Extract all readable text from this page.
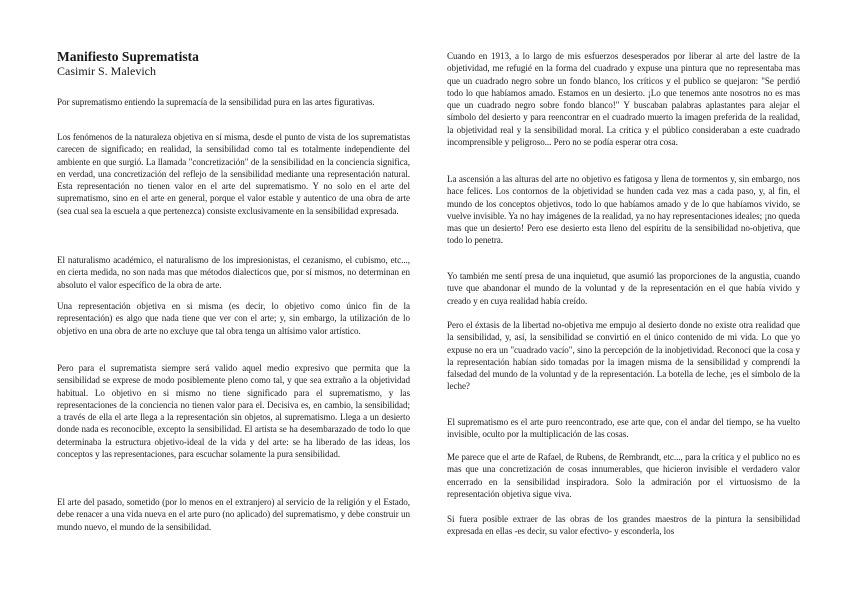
Manifiesto Suprematista
Casimir S. Malevich

Por suprematismo entiendo la supremacía de la sensibilidad pura en las artes figurativas.

Los fenómenos de la naturaleza objetiva en sí misma, desde el punto de vista de los suprematistas carecen de significado; en realidad, la sensibilidad como tal es totalmente independiente del ambiente en que surgió. La llamada "concretización" de la sensibilidad en la conciencia significa, en verdad, una concretización del reflejo de la sensibilidad mediante una representación natural. Esta representación no tienen valor en el arte del suprematismo. Y no solo en el arte del suprematismo, sino en el arte en general, porque el valor estable y autentico de una obra de arte (sea cual sea la escuela a que pertenezca) consiste exclusivamente en la sensibilidad expresada.

El naturalismo académico, el naturalismo de los impresionistas, el cezanismo, el cubismo, etc..., en cierta medida, no son nada mas que métodos dialecticos que, por sí mismos, no determinan en absoluto el valor específico de la obra de arte.

Una representación objetiva en si misma (es decir, lo objetivo como único fin de la representación) es algo que nada tiene que ver con el arte; y, sin embargo, la utilización de lo objetivo en una obra de arte no excluye que tal obra tenga un altísimo valor artístico.

Pero para el suprematista siempre será valido aquel medio expresivo que permita que la sensibilidad se exprese de modo posiblemente pleno como tal, y que sea extraño a la objetividad habitual. Lo objetivo en si mismo no tiene significado para el suprematismo, y las representaciones de la conciencia no tienen valor para el. Decisiva es, en cambio, la sensibilidad; a través de ella el arte llega a la representación sin objetos, al suprematismo. Llega a un desierto donde nada es reconocible, excepto la sensibilidad. El artista se ha desembarazado de todo lo que determinaba la estructura objetivo-ideal de la vida y del arte: se ha liberado de las ideas, los conceptos y las representaciones, para escuchar solamente la pura sensibilidad.

El arte del pasado, sometido (por lo menos en el extranjero) al servicio de la religión y el Estado, debe renacer a una vida nueva en el arte puro (no aplicado) del suprematismo, y debe construir un mundo nuevo, el mundo de la sensibilidad.

Cuando en 1913, a lo largo de mis esfuerzos desesperados por liberar al arte del lastre de la objetividad, me refugié en la forma del cuadrado y expuse una pintura que no representaba mas que un cuadrado negro sobre un fondo blanco, los críticos y el publico se quejaron: "Se perdió todo lo que habíamos amado. Estamos en un desierto. ¡Lo que tenemos ante nosotros no es mas que un cuadrado negro sobre fondo blanco!" Y buscaban palabras aplastantes para alejar el símbolo del desierto y para reencontrar en el cuadrado muerto la imagen preferida de la realidad, la objetividad real y la sensibilidad moral. La crítica y el público consideraban a este cuadrado incomprensible y peligroso... Pero no se podía esperar otra cosa.

La ascensión a las alturas del arte no objetivo es fatigosa y llena de tormentos y, sin embargo, nos hace felices. Los contornos de la objetividad se hunden cada vez mas a cada paso, y, al fin, el mundo de los conceptos objetivos, todo lo que habíamos amado y de lo que habíamos vivido, se vuelve invisible. Ya no hay imágenes de la realidad, ya no hay representaciones ideales; ¡no queda mas que un desierto! Pero ese desierto esta lleno del espíritu de la sensibilidad no-objetiva, que todo lo penetra.

Yo también me sentí presa de una inquietud, que asumió las proporciones de la angustia, cuando tuve que abandonar el mundo de la voluntad y de la representación en el que había vivido y creado y en cuya realidad había creído.

Pero el éxtasis de la libertad no-objetiva me empujo al desierto donde no existe otra realidad que la sensibilidad, y, así, la sensibilidad se convirtió en el único contenido de mi vida. Lo que yo expuse no era un "cuadrado vacío", sino la percepción de la inobjetividad. Reconocí que la cosa y la representación habían sido tomadas por la imagen misma de la sensibilidad y comprendí la falsedad del mundo de la voluntad y de la representación. La botella de leche, ¡es el símbolo de la leche?

El suprematismo es el arte puro reencontrado, ese arte que, con el andar del tiempo, se ha vuelto invisible, oculto por la multiplicación de las cosas.

Me parece que el arte de Rafael, de Rubens, de Rembrandt, etc..., para la crítica y el publico no es mas que una concretización de cosas innumerables, que hicieron invisible el verdadero valor encerrado en la sensibilidad inspiradora. Solo la admiración por el virtuosismo de la representación objetiva sigue viva.

Si fuera posible extraer de las obras de los grandes maestros de la pintura la sensibilidad expresada en ellas -es decir, su valor efectivo- y esconderla, los
